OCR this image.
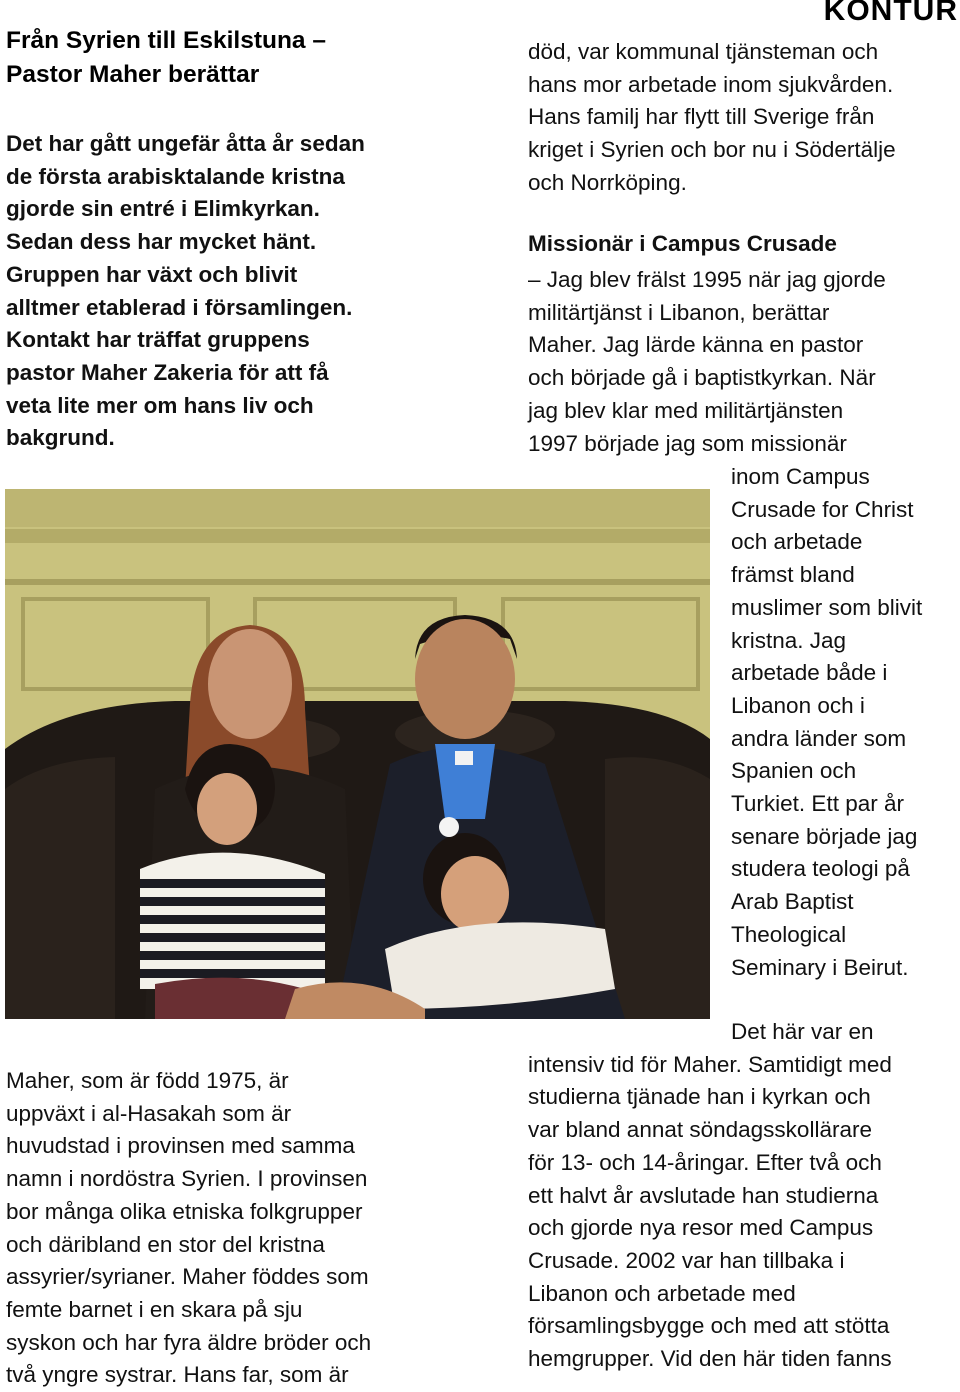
KONTUR
Från Syrien till Eskilstuna –
Pastor Maher berättar
Det har gått ungefär åtta år sedan
de första arabisktalande kristna
gjorde sin entré i Elimkyrkan.
Sedan dess har mycket hänt.
Gruppen har växt och blivit
alltmer etablerad i församlingen.
Kontakt har träffat gruppens
pastor Maher Zakeria för att få
veta lite mer om hans liv och
bakgrund.
död, var kommunal tjänsteman och
hans mor arbetade inom sjukvården.
Hans familj har flytt till Sverige från
kriget i Syrien och bor nu i Södertälje
och Norrköping.
Missionär i Campus Crusade
– Jag blev frälst 1995 när jag gjorde
militärtjänst i Libanon, berättar
Maher. Jag lärde känna en pastor
och började gå i baptistkyrkan. När
jag blev klar med militärtjänsten
1997 började jag som missionär
inom Campus
Crusade for Christ
och arbetade
främst bland
muslimer som blivit
kristna. Jag
arbetade både i
Libanon och i
andra länder som
Spanien och
Turkiet. Ett par år
senare började jag
studera teologi på
Arab Baptist
Theological
Seminary i Beirut.
Maher, som är född 1975, är
uppväxt i al-Hasakah som är
huvudstad i provinsen med samma
namn i nordöstra Syrien. I provinsen
bor många olika etniska folkgrupper
och däribland en stor del kristna
assyrier/syrianer. Maher föddes som
femte barnet i en skara på sju
syskon och har fyra äldre bröder och
två yngre systrar. Hans far, som är
Det här var en
intensiv tid för Maher. Samtidigt med
studierna tjänade han i kyrkan och
var bland annat söndagsskollärare
för 13- och 14-åringar. Efter två och
ett halvt år avslutade han studierna
och gjorde nya resor med Campus
Crusade. 2002 var han tillbaka i
Libanon och arbetade med
församlingsbygge och med att stötta
hemgrupper. Vid den här tiden fanns
